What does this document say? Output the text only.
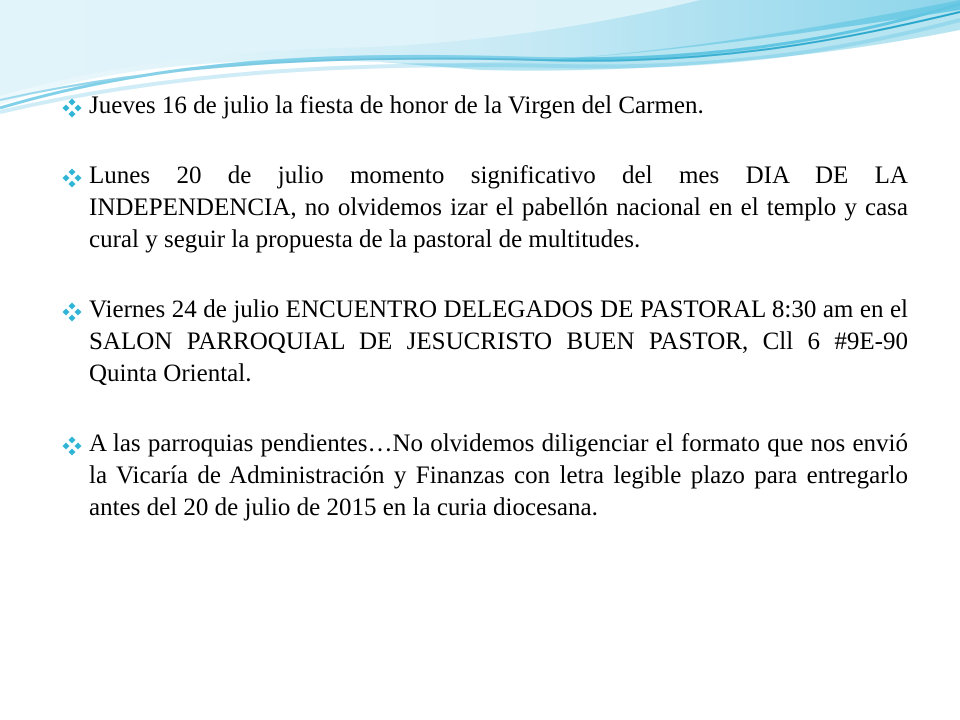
Jueves 16 de julio la fiesta de honor de la Virgen del Carmen.
Lunes 20 de julio momento significativo del mes DIA DE LA INDEPENDENCIA, no olvidemos izar el pabellón nacional en el templo y casa cural y seguir la propuesta de la pastoral de multitudes.
Viernes 24 de julio ENCUENTRO DELEGADOS DE PASTORAL 8:30 am en el SALON PARROQUIAL DE JESUCRISTO BUEN PASTOR, Cll 6 #9E-90 Quinta Oriental.
A las parroquias pendientes…No olvidemos diligenciar el formato que nos envió la Vicaría de Administración y Finanzas con letra legible plazo para entregarlo antes del 20 de julio de 2015 en la curia diocesana.
